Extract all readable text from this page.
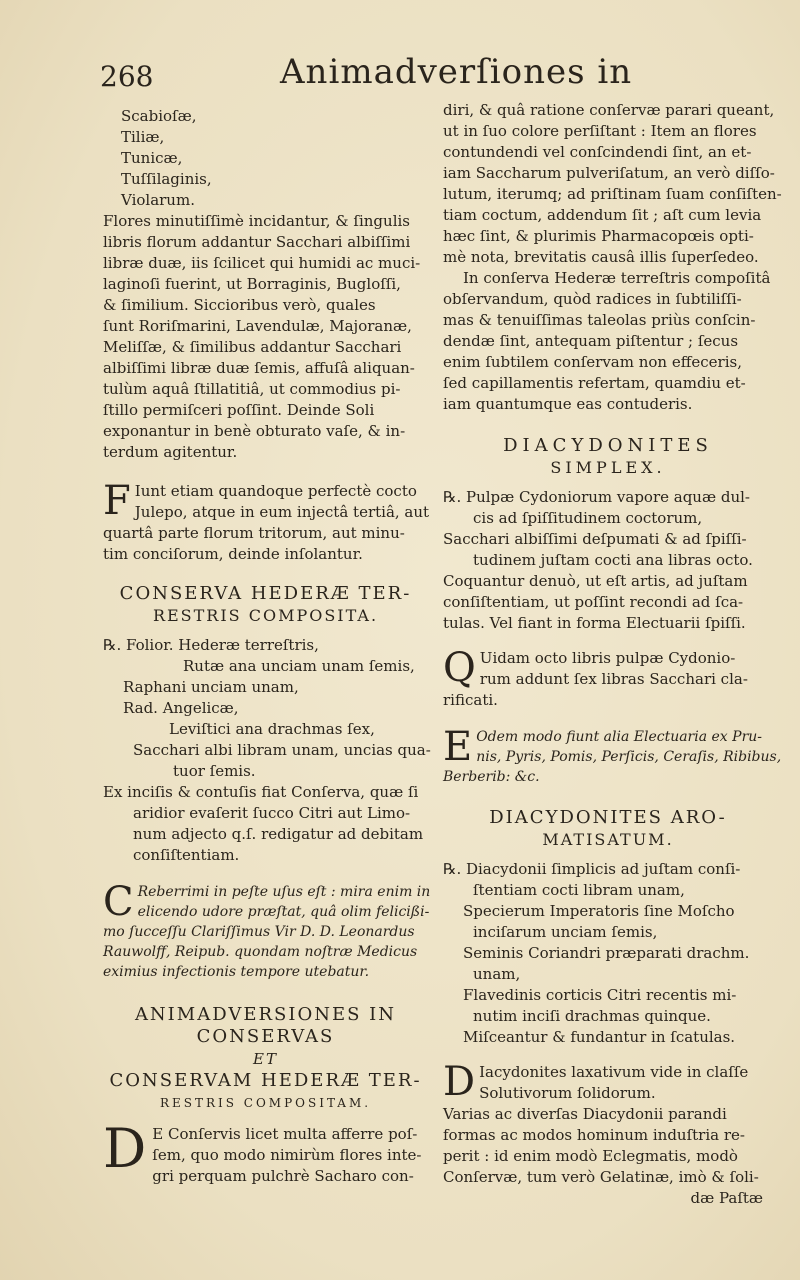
268	Animadverſiones in
Scabioſæ,
Tiliæ,
Tunicæ,
Tuſſilaginis,
Violarum.
Flores minutiſſimè incidantur, & ſingulis
libris florum addantur Sacchari albiſſimi
libræ duæ, iis ſcilicet qui humidi ac muci-
laginoſi fuerint, ut Borraginis, Bugloſſi,
& ſimilium. Siccioribus verò, quales
ſunt Roriſmarini, Lavendulæ, Majoranæ,
Meliſſæ, & ſimilibus addantur Sacchari
albiſſimi libræ duæ ſemis, affuſâ aliquan-
tulùm aquâ ſtillatitiâ, ut commodius pi-
ſtillo permiſceri poſſint. Deinde Soli
exponantur in benè obturato vaſe, & in-
terdum agitentur.
F Iunt etiam quandoque perfectè cocto
Julepo, atque in eum injectâ tertiâ, aut
quartâ parte florum tritorum, aut minu-
tim conciſorum, deinde inſolantur.
CONSERVA HEDERÆ TER-
RESTRIS COMPOSITA.
℞. Folior. Hederæ terreſtris,
Rutæ ana unciam unam ſemis,
Raphani unciam unam,
Rad. Angelicæ,
Leviſtici ana drachmas ſex,
Sacchari albi libram unam, uncias qua-
tuor ſemis.
Ex inciſis & contuſis fiat Conſerva, quæ ſi
aridior evaſerit ſucco Citri aut Limo-
num adjecto q.ſ. redigatur ad debitam
conſiſtentiam.
C Reberrimi in peſte uſus eſt : mira enim in
elicendo udore præſtat, quâ olim felicißi-
mo ſucceſſu Clariſſimus Vir D. D. Leonardus
Rauwolff, Reipub. quondam noſtræ Medicus
eximius infectionis tempore utebatur.
ANIMADVERSIONES IN
CONSERVAS
ET
CONSERVAM HEDERÆ TER-
RESTRIS COMPOSITAM.
D E Conſervis licet multa afferre poſ-
ſem, quo modo nimirùm flores inte-
gri perquam pulchrè Sacharo con-
diri, & quâ ratione conſervæ parari queant,
ut in ſuo colore perſiſtant : Item an flores
contundendi vel conſcindendi ſint, an et-
iam Saccharum pulveriſatum, an verò diſſo-
lutum, iterumq; ad priſtinam ſuam conſiſten-
tiam coctum, addendum ſit ; aſt cum levia
hæc ſint, & plurimis Pharmacopœis opti-
mè nota, brevitatis causâ illis ſuperſedeo.
In conſerva Hederæ terreſtris compoſitâ
obſervandum, quòd radices in ſubtiliſſi-
mas & tenuiſſimas taleolas priùs conſcin-
dendæ ſint, antequam piſtentur ; ſecus
enim ſubtilem conſervam non effeceris,
ſed capillamentis refertam, quamdiu et-
iam quantumque eas contuderis.
DIACYDONITES
SIMPLEX.
℞. Pulpæ Cydoniorum vapore aquæ dul-
cis ad ſpiſſitudinem coctorum,
Sacchari albiſſimi deſpumati & ad ſpiſſi-
tudinem juſtam cocti ana libras octo.
Coquantur denuò, ut eſt artis, ad juſtam
conſiſtentiam, ut poſſint recondi ad ſca-
tulas. Vel fiant in forma Electuarii ſpiſſi.
Q Uidam octo libris pulpæ Cydonio-
rum addunt ſex libras Sacchari cla-
rificati.
E Odem modo fiunt alia Electuaria ex Pru-
nis, Pyris, Pomis, Perſicis, Ceraſis, Ribibus,
Berberib: &c.
DIACYDONITES ARO-
MATISATUM.
℞. Diacydonii ſimplicis ad juſtam conſi-
ſtentiam cocti libram unam,
Specierum Imperatoris ſine Moſcho
inciſarum unciam ſemis,
Seminis Coriandri præparati drachm.
unam,
Flavedinis corticis Citri recentis mi-
nutim inciſi drachmas quinque.
Miſceantur & fundantur in ſcatulas.
D Iacydonites laxativum vide in claſſe
Solutivorum ſolidorum.
Varias ac diverſas Diacydonii parandi
formas ac modos hominum induſtria re-
perit : id enim modò Eclegmatis, modò
Conſervæ, tum verò Gelatinæ, imò & ſoli-
dæ Paſtæ
